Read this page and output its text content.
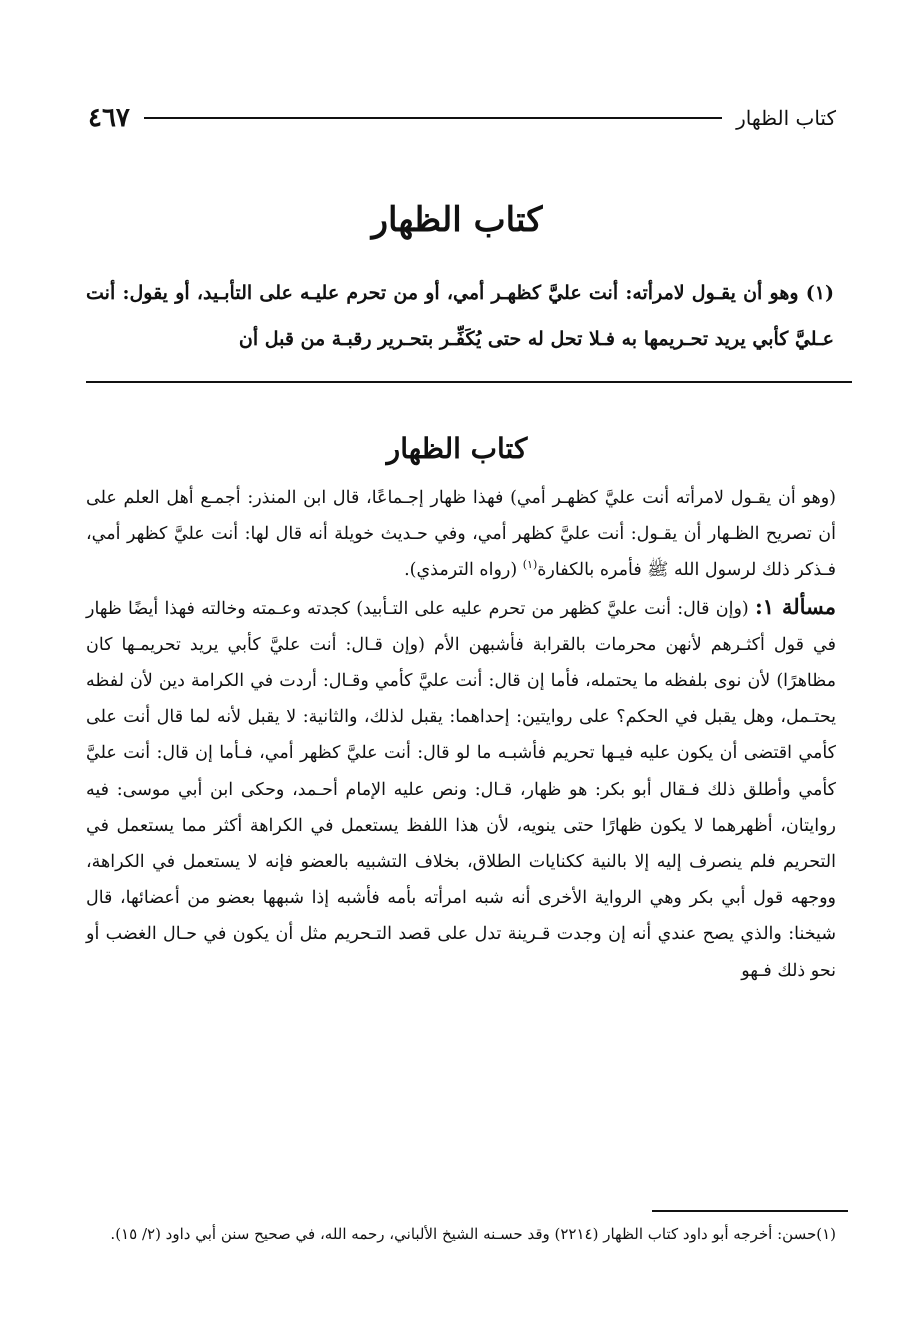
كتاب الظهار
٤٦٧
كتاب الظهار

(١) وهو أن يقـول لامرأته: أنت عليَّ كظهـر أمي، أو من تحرم عليـه على التأبـيد، أو يقول: أنت عـليَّ كأبي يريد تحـريمها به فـلا تحل له حتى يُكَفِّـر بتحـرير رقبـة من قبل أن

كتاب الظهار

(وهو أن يقـول لامرأته أنت عليَّ كظهـر أمي) فهذا ظهار إجـماعًا، قال ابن المنذر: أجمـع أهل العلم على أن تصريح الظـهار أن يقـول: أنت عليَّ كظهر أمي، وفي حـديث خويلة أنه قال لها: أنت عليَّ كظهر أمي، فـذكر ذلك لرسول الله ﷺ فأمره بالكفارة$^{(١)}$ (رواه الترمذي).

مسألة ١: (وإن قال: أنت عليَّ كظهر من تحرم عليه على التـأبيد) كجدته وعـمته وخالته فهذا أيضًا ظهار في قول أكثـرهم لأنهن محرمات بالقرابة فأشبهن الأم (وإن قـال: أنت عليَّ كأبي يريد تحريمـها كان مظاهرًا) لأن نوى بلفظه ما يحتمله، فأما إن قال: أنت عليَّ كأمي وقـال: أردت في الكرامة دين لأن لفظه يحتـمل، وهل يقبل في الحكم؟ على روايتين: إحداهما: يقبل لذلك، والثانية: لا يقبل لأنه لما قال أنت على كأمي اقتضى أن يكون عليه فيـها تحريم فأشبـه ما لو قال: أنت عليَّ كظهر أمي، فـأما إن قال: أنت عليَّ كأمي وأطلق ذلك فـقال أبو بكر: هو ظهار، قـال: ونص عليه الإمام أحـمد، وحكى ابن أبي موسى: فيه روايتان، أظهرهما لا يكون ظهارًا حتى ينويه، لأن هذا اللفظ يستعمل في الكراهة أكثر مما يستعمل في التحريم فلم ينصرف إليه إلا بالنية ككنايات الطلاق، بخلاف التشبيه بالعضو فإنه لا يستعمل في الكراهة، ووجهه قول أبي بكر وهي الرواية الأخرى أنه شبه امرأته بأمه فأشبه إذا شبهها بعضو من أعضائها، قال شيخنا: والذي يصح عندي أنه إن وجدت قـرينة تدل على قصد التـحريم مثل أن يكون في حـال الغضب أو نحو ذلك فـهو

(١)حسن: أخرجه أبو داود كتاب الظهار (٢٢١٤) وقد حسـنه الشيخ الألباني، رحمه الله، في صحيح سنن أبي داود (٢/ ١٥).
